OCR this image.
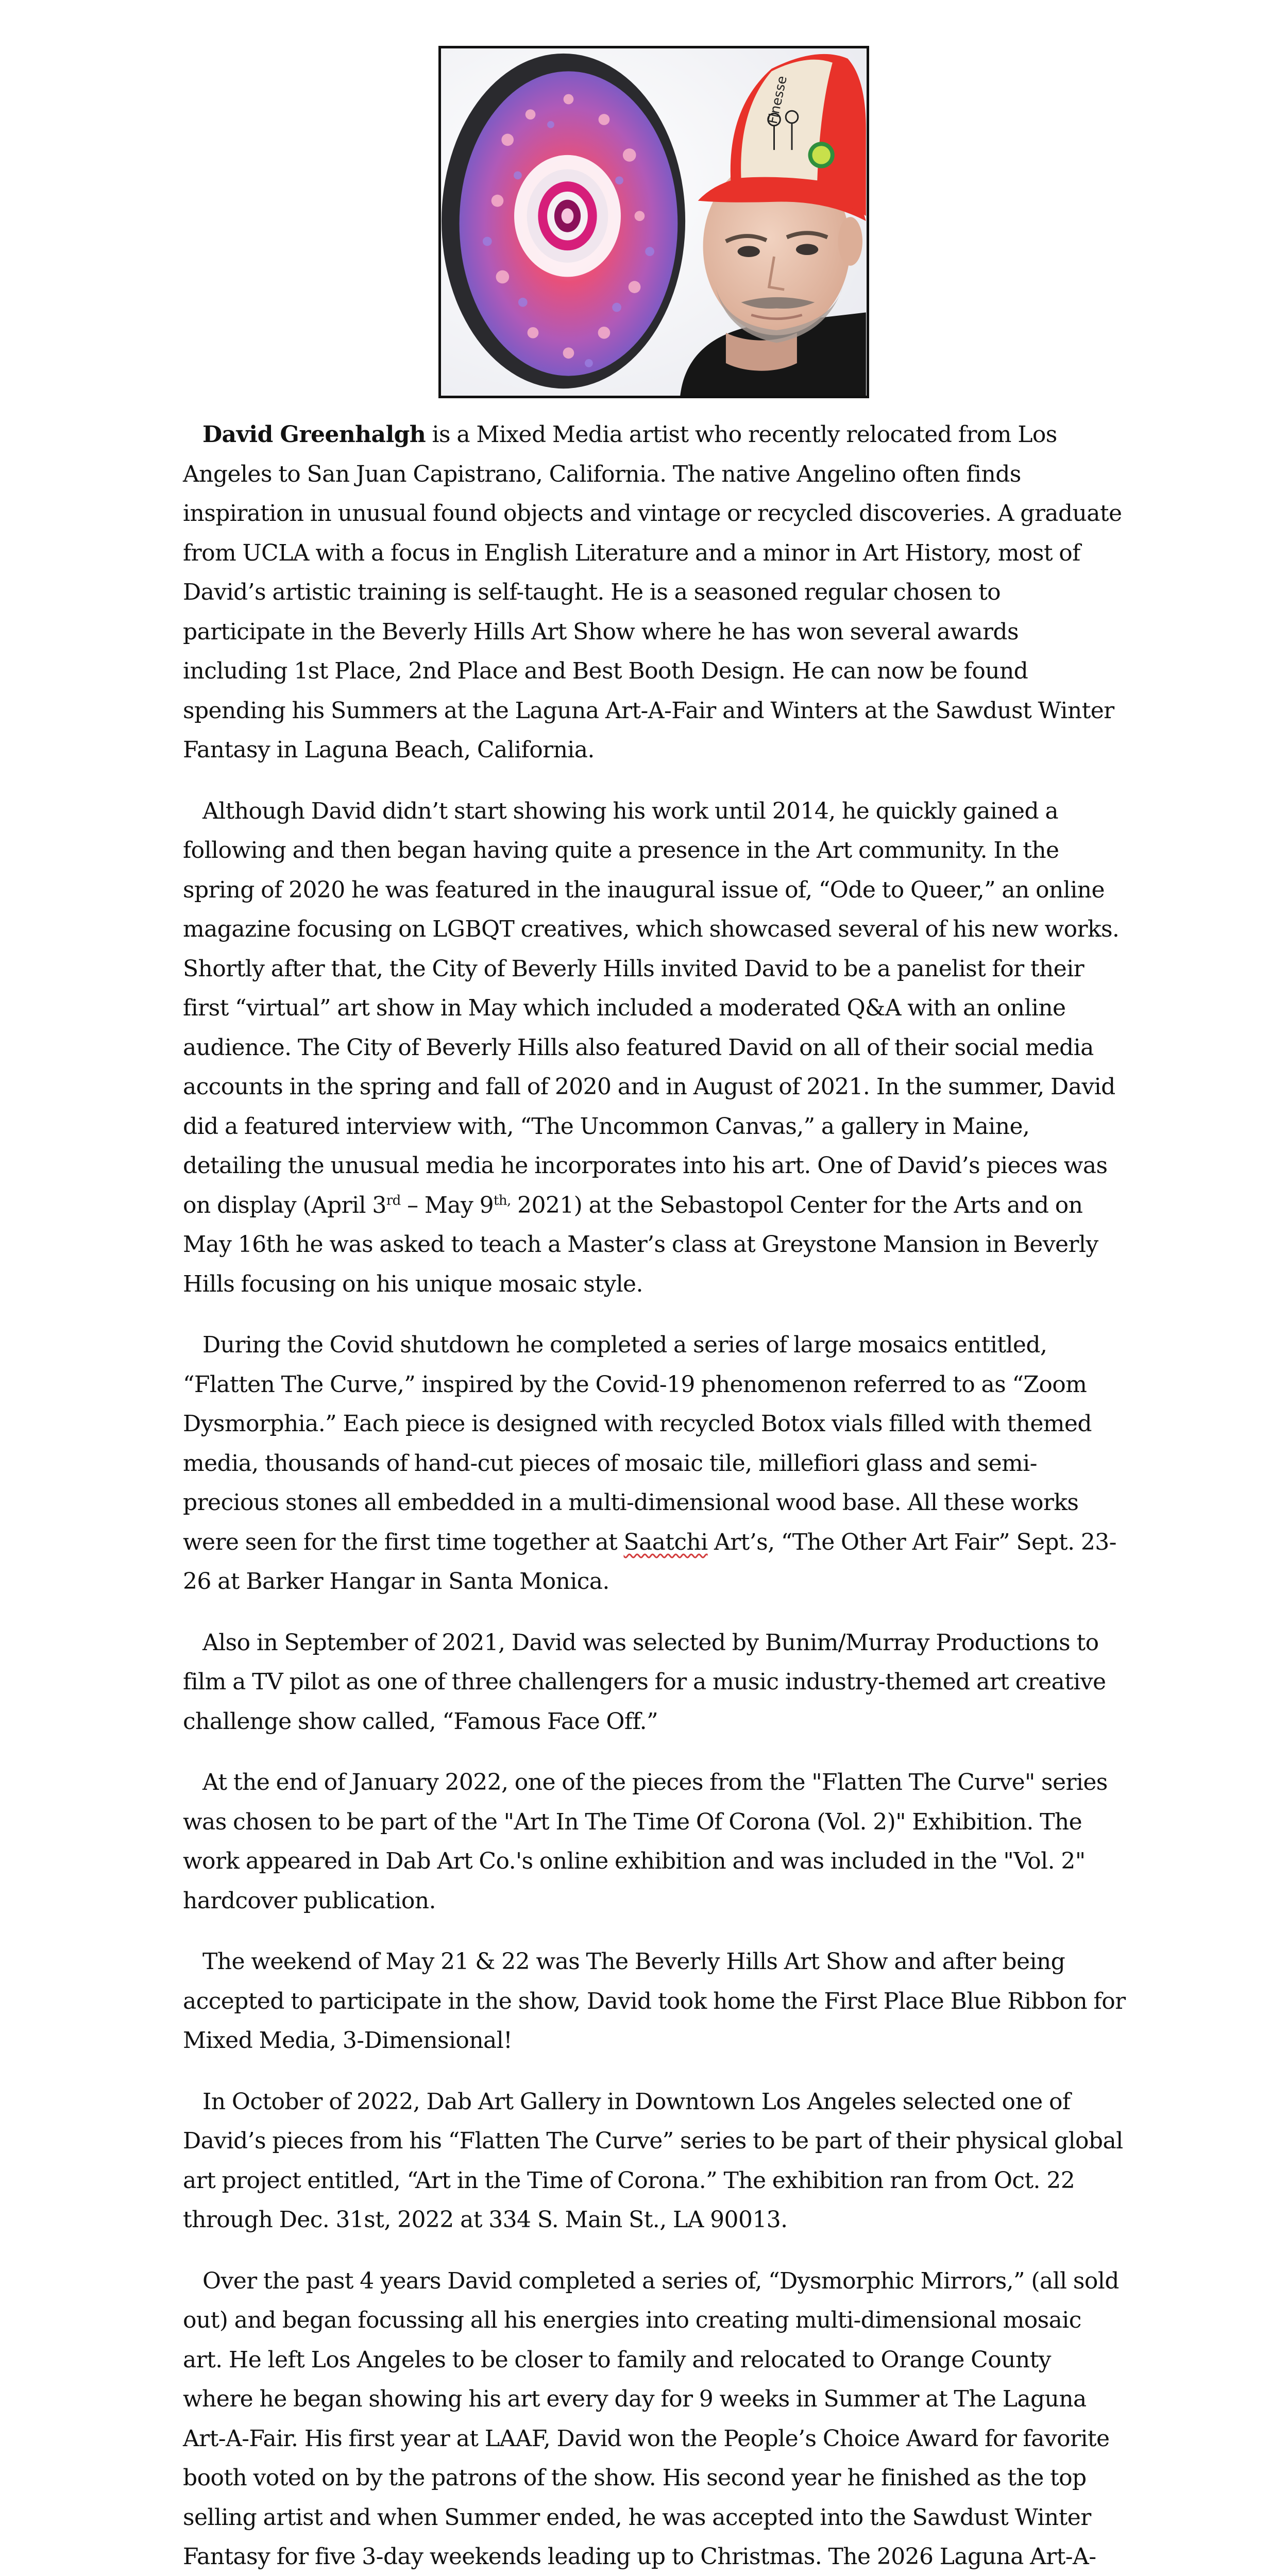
Finesse

David Greenhalgh is a Mixed Media artist who recently relocated from Los Angeles to San Juan Capistrano, California. The native Angelino often finds inspiration in unusual found objects and vintage or recycled discoveries. A graduate from UCLA with a focus in English Literature and a minor in Art History, most of David’s artistic training is self-taught. He is a seasoned regular chosen to participate in the Beverly Hills Art Show where he has won several awards including 1st Place, 2nd Place and Best Booth Design. He can now be found spending his Summers at the Laguna Art-A-Fair and Winters at the Sawdust Winter Fantasy in Laguna Beach, California.

Although David didn’t start showing his work until 2014, he quickly gained a following and then began having quite a presence in the Art community. In the spring of 2020 he was featured in the inaugural issue of, “Ode to Queer,” an online magazine focusing on LGBQT creatives, which showcased several of his new works. Shortly after that, the City of Beverly Hills invited David to be a panelist for their first “virtual” art show in May which included a moderated Q&A with an online audience. The City of Beverly Hills also featured David on all of their social media accounts in the spring and fall of 2020 and in August of 2021. In the summer, David did a featured interview with, “The Uncommon Canvas,” a gallery in Maine, detailing the unusual media he incorporates into his art. One of David’s pieces was on display (April 3rd – May $9^{th,}$ 2021) at the Sebastopol Center for the Arts and on May 16th he was asked to teach a Master’s class at Greystone Mansion in Beverly Hills focusing on his unique mosaic style.

During the Covid shutdown he completed a series of large mosaics entitled, “Flatten The Curve,” inspired by the Covid-19 phenomenon referred to as “Zoom Dysmorphia.” Each piece is designed with recycled Botox vials filled with themed media, thousands of hand-cut pieces of mosaic tile, millefiori glass and semi-precious stones all embedded in a multi-dimensional wood base. All these works were seen for the first time together at Saatchi Art’s, “The Other Art Fair” Sept. 23-26 at Barker Hangar in Santa Monica.

Also in September of 2021, David was selected by Bunim/Murray Productions to film a TV pilot as one of three challengers for a music industry-themed art creative challenge show called, “Famous Face Off.”

At the end of January 2022, one of the pieces from the "Flatten The Curve" series was chosen to be part of the "Art In The Time Of Corona (Vol. 2)" Exhibition. The work appeared in Dab Art Co.'s online exhibition and was included in the "Vol. 2" hardcover publication.

The weekend of May 21 & 22 was The Beverly Hills Art Show and after being accepted to participate in the show, David took home the First Place Blue Ribbon for Mixed Media, 3-Dimensional!

In October of 2022, Dab Art Gallery in Downtown Los Angeles selected one of David’s pieces from his “Flatten The Curve” series to be part of their physical global art project entitled, “Art in the Time of Corona.” The exhibition ran from Oct. 22 through Dec. 31st, 2022 at 334 S. Main St., LA 90013.

Over the past 4 years David completed a series of, “Dysmorphic Mirrors,” (all sold out) and began focussing all his energies into creating multi-dimensional mosaic art. He left Los Angeles to be closer to family and relocated to Orange County where he began showing his art every day for 9 weeks in Summer at The Laguna Art-A-Fair. His first year at LAAF, David won the People’s Choice Award for favorite booth voted on by the patrons of the show. His second year he finished as the top selling artist and when Summer ended, he was accepted into the Sawdust Winter Fantasy for five 3-day weekends leading up to Christmas. The 2026 Laguna Art-A-
